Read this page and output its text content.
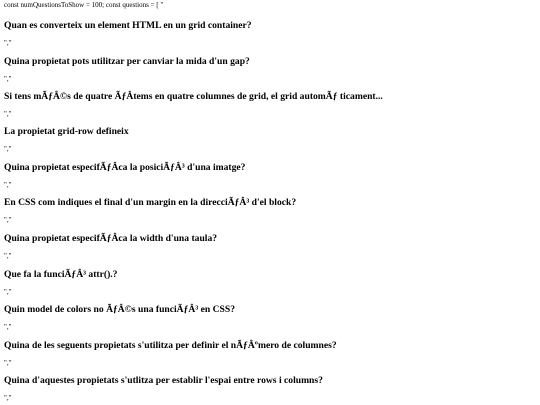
const numQuestionsToShow = 100; const questions = [ "

Quan es converteix un element HTML en un grid container?

","

Quina propietat pots utilitzar per canviar la mida d'un gap?

","

Si tens mÃƒÂ©s de quatre ÃƒÂtems en quatre columnes de grid, el grid automÃƒ ticament...

","

La propietat grid-row defineix

","

Quina propietat especifÃƒÂca la posiciÃƒÂ³ d'una imatge?

","

En CSS com indiques el final d'un margin en la direcciÃƒÂ³ d'el block?

","

Quina propietat especifÃƒÂca la width d'una taula?

","

Que fa la funciÃƒÂ³ attr().?

","

Quin model de colors no ÃƒÂ©s una funciÃƒÂ³ en CSS?

","

Quina de les seguents propietats s'utilitza per definir el nÃƒÂºmero de columnes?

","

Quina d'aquestes propietats s'utlitza per establir l'espai entre rows i columns?

","
